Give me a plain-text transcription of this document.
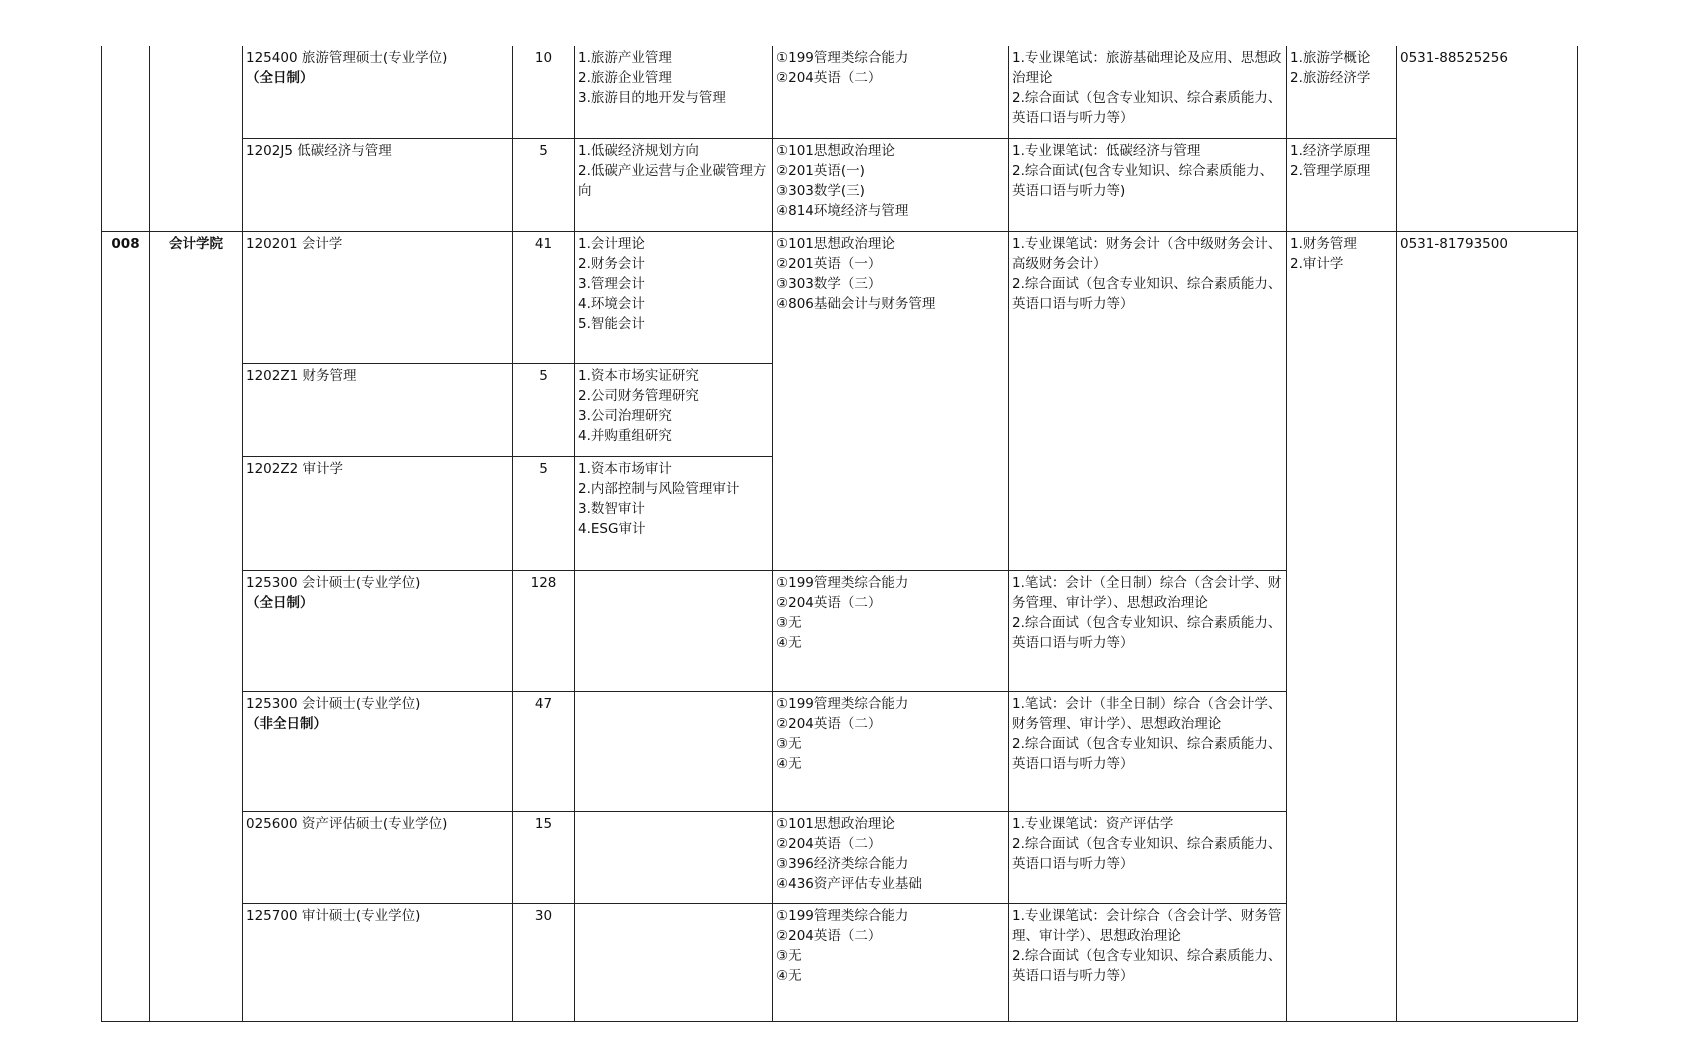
		125400 旅游管理硕士(专业学位)
（全日制）	10	1.旅游产业管理
2.旅游企业管理
3.旅游目的地开发与管理	①199管理类综合能力
②204英语（二）	1.专业课笔试：旅游基础理论及应用、思想政治理论
2.综合面试（包含专业知识、综合素质能力、英语口语与听力等）	1.旅游学概论
2.旅游经济学	0531-88525256

		1202J5 低碳经济与管理	5	1.低碳经济规划方向
2.低碳产业运营与企业碳管理方向	①101思想政治理论
②201英语(一)
③303数学(三)
④814环境经济与管理	1.专业课笔试：低碳经济与管理
2.综合面试(包含专业知识、综合素质能力、英语口语与听力等)	1.经济学原理
2.管理学原理	
008	会计学院	120201 会计学	41	1.会计理论
2.财务会计
3.管理会计
4.环境会计
5.智能会计	①101思想政治理论
②201英语（一）
③303数学（三）
④806基础会计与财务管理	1.专业课笔试：财务会计（含中级财务会计、高级财务会计）
2.综合面试（包含专业知识、综合素质能力、英语口语与听力等）	1.财务管理
2.审计学	0531-81793500
		1202Z1 财务管理	5	1.资本市场实证研究
2.公司财务管理研究
3.公司治理研究
4.并购重组研究				
		1202Z2 审计学	5	1.资本市场审计
2.内部控制与风险管理审计
3.数智审计
4.ESG审计				

		125300 会计硕士(专业学位)
（全日制）	128		①199管理类综合能力
②204英语（二）
③无
④无	1.笔试：会计（全日制）综合（含会计学、财务管理、审计学）、思想政治理论
2.综合面试（包含专业知识、综合素质能力、英语口语与听力等）		

		125300 会计硕士(专业学位)
（非全日制）	47		①199管理类综合能力
②204英语（二）
③无
④无	1.笔试：会计（非全日制）综合（含会计学、财务管理、审计学）、思想政治理论
2.综合面试（包含专业知识、综合素质能力、英语口语与听力等）		
		025600 资产评估硕士(专业学位)	15		①101思想政治理论
②204英语（二）
③396经济类综合能力
④436资产评估专业基础	1.专业课笔试：资产评估学
2.综合面试（包含专业知识、综合素质能力、英语口语与听力等）		
		125700 审计硕士(专业学位)	30		①199管理类综合能力
②204英语（二）
③无
④无	1.专业课笔试：会计综合（含会计学、财务管理、审计学）、思想政治理论
2.综合面试（包含专业知识、综合素质能力、英语口语与听力等）		
